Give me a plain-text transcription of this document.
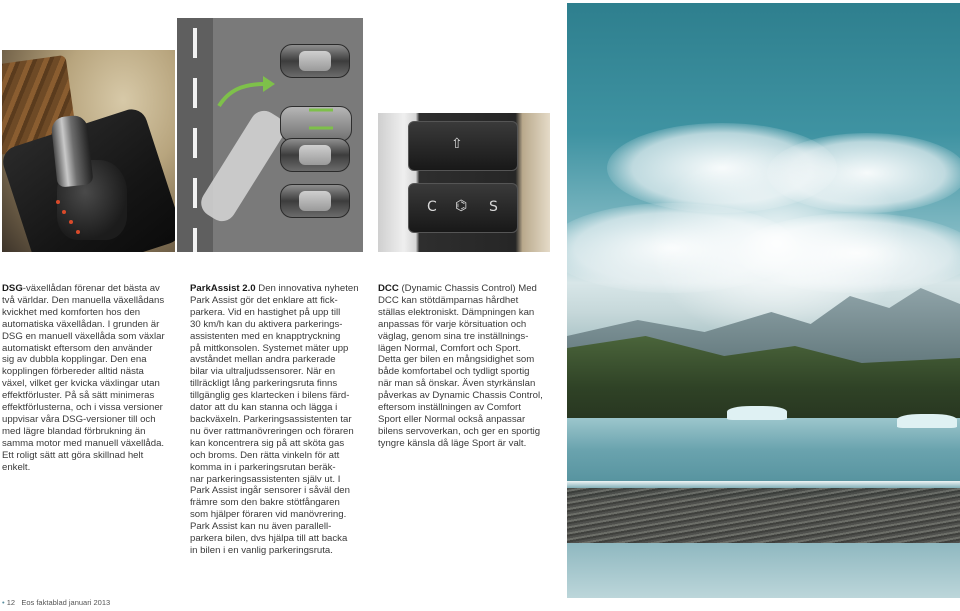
⇧
C ⌬ S
DSG-växellådan förenar det bästa av
två världar. Den manuella växellådans
kvickhet med komforten hos den
automatiska växellådan. I grunden är
DSG en manuell växellåda som växlar
automatiskt eftersom den använder
sig av dubbla kopplingar. Den ena
kopplingen förbereder alltid nästa
växel, vilket ger kvicka växlingar utan
effektförluster. På så sätt minimeras
effektförlusterna, och i vissa versioner
uppvisar våra DSG-versioner till och
med lägre blandad förbrukning än
samma motor med manuell växellåda.
Ett roligt sätt att göra skillnad helt
enkelt.
ParkAssist 2.0 Den innovativa nyheten
Park Assist gör det enklare att fick-
parkera. Vid en hastighet på upp till
30 km/h kan du aktivera parkerings-
assistenten med en knapptryckning
på mittkonsolen. Systemet mäter upp
avståndet mellan andra parkerade
bilar via ultraljudssensorer. När en
tillräckligt lång parkeringsruta finns
tillgänglig ges klartecken i bilens färd-
dator att du kan stanna och lägga i
backväxeln. Parkeringsassistenten tar
nu över rattmanövreringen och föraren
kan koncentrera sig på att sköta gas
och broms. Den rätta vinkeln för att
komma in i parkeringsrutan beräk-
nar parkeringsassistenten själv ut. I
Park Assist ingår sensorer i såväl den
främre som den bakre stötfångaren
som hjälper föraren vid manövrering.
Park Assist kan nu även parallell-
parkera bilen, dvs hjälpa till att backa
in bilen i en vanlig parkeringsruta.
DCC (Dynamic Chassis Control) Med
DCC kan stötdämparnas hårdhet
ställas elektroniskt. Dämpningen kan
anpassas för varje körsituation och
väglag, genom sina tre inställnings-
lägen Normal, Comfort och Sport.
Detta ger bilen en mångsidighet som
både komfortabel och tydligt sportig
när man så önskar. Även styrkänslan
påverkas av Dynamic Chassis Control,
eftersom inställningen av Comfort
Sport eller Normal också anpassar
bilens servoverkan, och ger en sportig
tyngre känsla då läge Sport är valt.
• 12 Eos faktablad januari 2013
